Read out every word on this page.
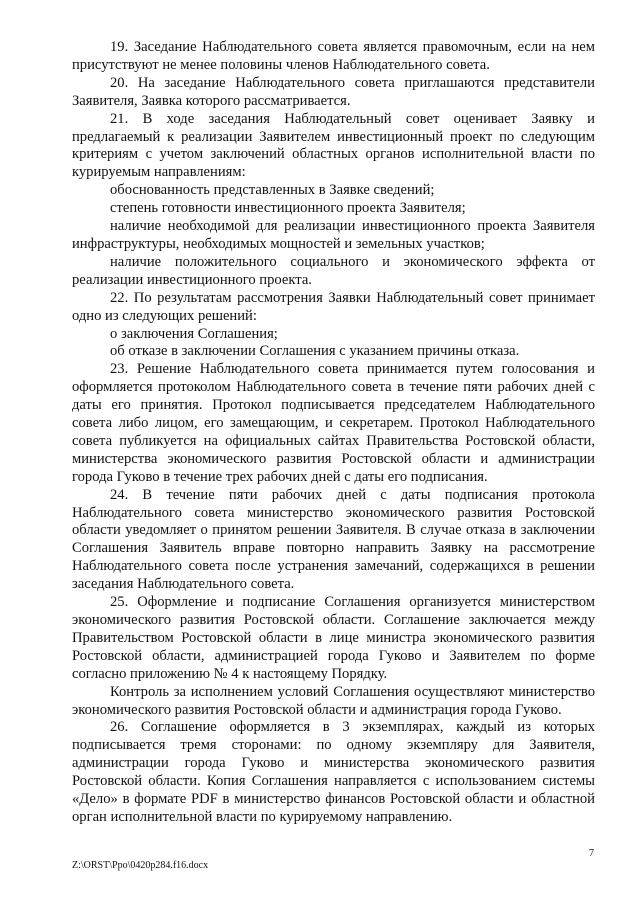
19. Заседание Наблюдательного совета является правомочным, если на нем присутствуют не менее половины членов Наблюдательного совета.

20. На заседание Наблюдательного совета приглашаются представители Заявителя, Заявка которого рассматривается.

21. В ходе заседания Наблюдательный совет оценивает Заявку и предлагаемый к реализации Заявителем инвестиционный проект по следующим критериям с учетом заключений областных органов исполнительной власти по курируемым направлениям:

обоснованность представленных в Заявке сведений;

степень готовности инвестиционного проекта Заявителя;

наличие необходимой для реализации инвестиционного проекта Заявителя инфраструктуры, необходимых мощностей и земельных участков;

наличие положительного социального и экономического эффекта от реализации инвестиционного проекта.

22. По результатам рассмотрения Заявки Наблюдательный совет принимает одно из следующих решений:

о заключения Соглашения;

об отказе в заключении Соглашения с указанием причины отказа.

23. Решение Наблюдательного совета принимается путем голосования и оформляется протоколом Наблюдательного совета в течение пяти рабочих дней с даты его принятия. Протокол подписывается председателем Наблюдательного совета либо лицом, его замещающим, и секретарем. Протокол Наблюдательного совета публикуется на официальных сайтах Правительства Ростовской области, министерства экономического развития Ростовской области и администрации города Гуково в течение трех рабочих дней с даты его подписания.

24. В течение пяти рабочих дней с даты подписания протокола Наблюдательного совета министерство экономического развития Ростовской области уведомляет о принятом решении Заявителя. В случае отказа в заключении Соглашения Заявитель вправе повторно направить Заявку на рассмотрение Наблюдательного совета после устранения замечаний, содержащихся в решении заседания Наблюдательного совета.

25. Оформление и подписание Соглашения организуется министерством экономического развития Ростовской области. Соглашение заключается между Правительством Ростовской области в лице министра экономического развития Ростовской области, администрацией города Гуково и Заявителем по форме согласно приложению № 4 к настоящему Порядку.

Контроль за исполнением условий Соглашения осуществляют министерство экономического развития Ростовской области и администрация города Гуково.

26. Соглашение оформляется в 3 экземплярах, каждый из которых подписывается тремя сторонами: по одному экземпляру для Заявителя, администрации города Гуково и министерства экономического развития Ростовской области. Копия Соглашения направляется с использованием системы «Дело» в формате PDF в министерство финансов Ростовской области и областной орган исполнительной власти по курируемому направлению.

7
Z:\ORST\Ppo\0420p284.f16.docx
